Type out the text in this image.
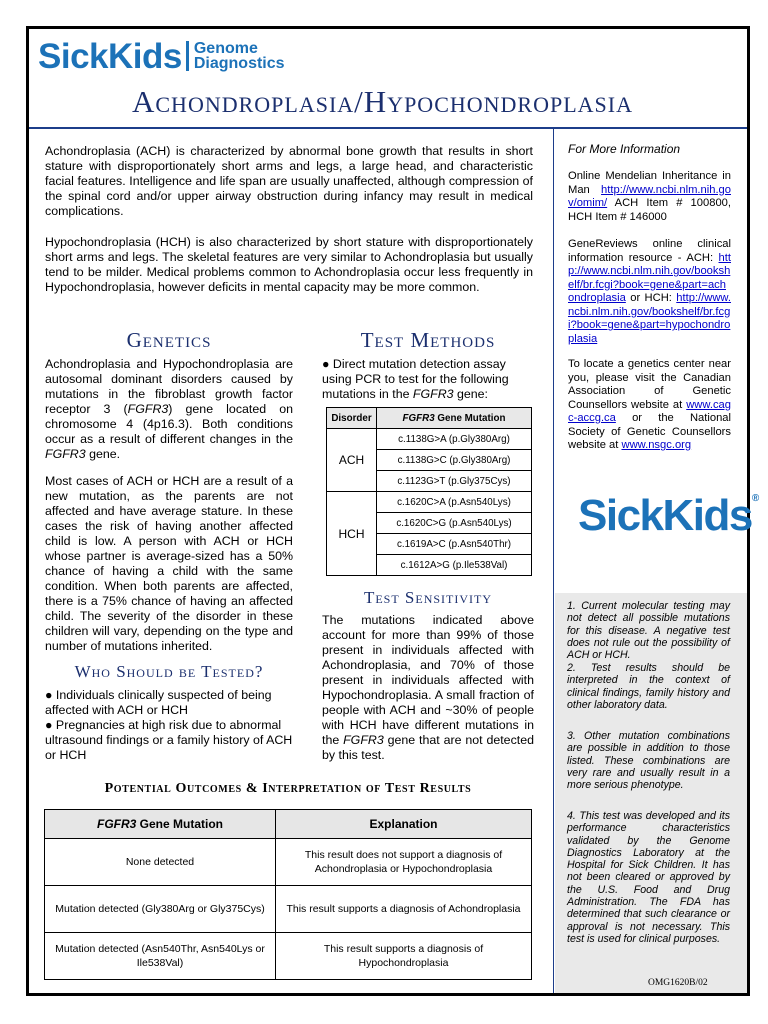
SickKids Genome
Diagnostics
Achondroplasia/Hypochondroplasia

Achondroplasia (ACH) is characterized by abnormal bone growth that results in short stature with disproportionately short arms and legs, a large head, and characteristic facial features. Intelligence and life span are usually unaffected, although compression of the spinal cord and/or upper airway obstruction during infancy may result in medical complications.

Hypochondroplasia (HCH) is also characterized by short stature with disproportionately short arms and legs. The skeletal features are very similar to Achondroplasia but usually tend to be milder. Medical problems common to Achondroplasia occur less frequently in Hypochondroplasia, however deficits in mental capacity may be more common.

Genetics

Achondroplasia and Hypochondroplasia are autosomal dominant disorders caused by mutations in the fibroblast growth factor receptor 3 (FGFR3) gene located on chromosome 4 (4p16.3). Both conditions occur as a result of different changes in the FGFR3 gene.

Most cases of ACH or HCH are a result of a new mutation, as the parents are not affected and have average stature. In these cases the risk of having another affected child is low. A person with ACH or HCH whose partner is average-sized has a 50% chance of having a child with the same condition. When both parents are affected, there is a 75% chance of having an affected child. The severity of the disorder in these children will vary, depending on the type and number of mutations inherited.

Who Should be Tested?

● Individuals clinically suspected of being affected with ACH or HCH

● Pregnancies at high risk due to abnormal ultrasound findings or a family history of ACH or HCH

Test Methods

● Direct mutation detection assay using PCR to test for the following mutations in the FGFR3 gene:

Disorder	FGFR3 Gene Mutation
ACH	c.1138G>A (p.Gly380Arg)
	c.1138G>C (p.Gly380Arg)
	c.1123G>T (p.Gly375Cys)
HCH	c.1620C>A (p.Asn540Lys)
	c.1620C>G (p.Asn540Lys)
	c.1619A>C (p.Asn540Thr)
	c.1612A>G (p.Ile538Val)
Test Sensitivity

The mutations indicated above account for more than 99% of those present in individuals affected with Achondroplasia, and 70% of those present in individuals affected with Hypochondroplasia. A small fraction of people with ACH and ~30% of people with HCH have different mutations in the FGFR3 gene that are not detected by this test.

Potential Outcomes & Interpretation of Test Results
FGFR3 Gene Mutation	Explanation
None detected	This result does not support a diagnosis of Achondroplasia or Hypochondroplasia
Mutation detected (Gly380Arg or Gly375Cys)	This result supports a diagnosis of Achondroplasia
Mutation detected (Asn540Thr, Asn540Lys or Ile538Val)	This result supports a diagnosis of Hypochondroplasia
For More Information

Online Mendelian Inheritance in Man http://www.ncbi.nlm.nih.gov/omim/ ACH Item # 100800, HCH Item # 146000

GeneReviews online clinical information resource - ACH: http://www.ncbi.nlm.nih.gov/bookshelf/br.fcgi?book=gene&part=achondroplasia or HCH: http://www.ncbi.nlm.nih.gov/bookshelf/br.fcgi?book=gene&part=hypochondroplasia

To locate a genetics center near you, please visit the Canadian Association of Genetic Counsellors website at www.cagc-accg.ca or the National Society of Genetic Counsellors website at www.nsgc.org

SickKids®

1. Current molecular testing may not detect all possible mutations for this disease. A negative test does not rule out the possibility of ACH or HCH.

2. Test results should be interpreted in the context of clinical findings, family history and other laboratory data.

3. Other mutation combinations are possible in addition to those listed. These combinations are very rare and usually result in a more serious phenotype.

4. This test was developed and its performance characteristics validated by the Genome Diagnostics Laboratory at the Hospital for Sick Children. It has not been cleared or approved by the U.S. Food and Drug Administration. The FDA has determined that such clearance or approval is not necessary. This test is used for clinical purposes.

OMG1620B/02
